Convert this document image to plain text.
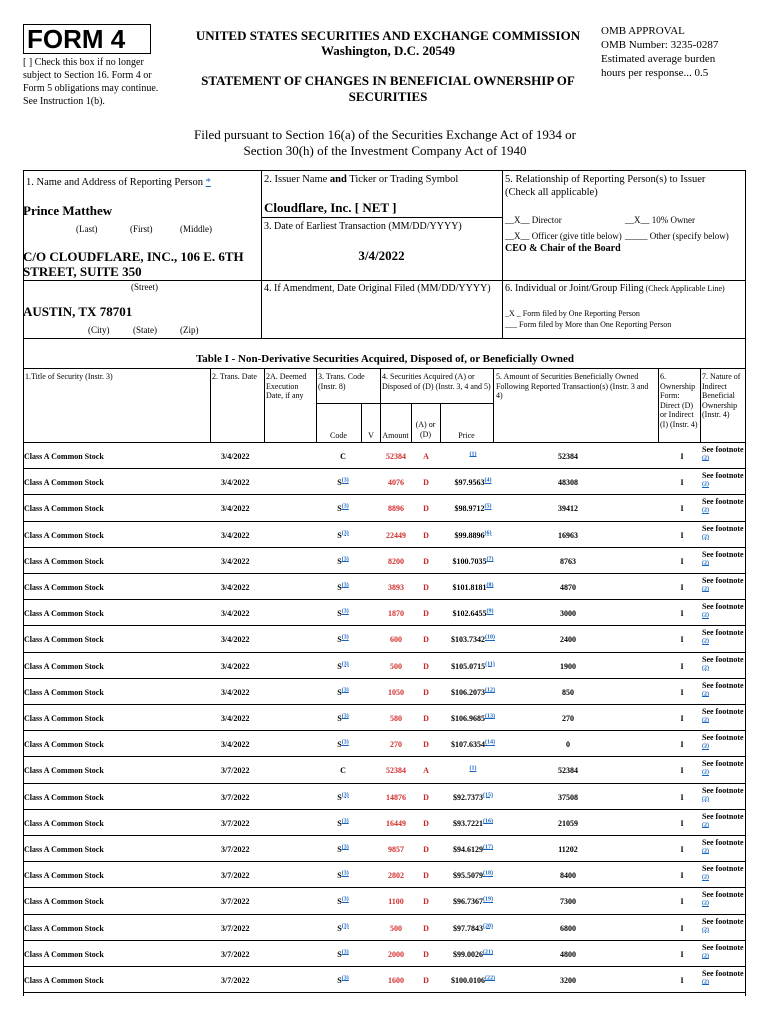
FORM 4
[ ] Check this box if no longer subject to Section 16. Form 4 or Form 5 obligations may continue. See Instruction 1(b).
UNITED STATES SECURITIES AND EXCHANGE COMMISSION
Washington, D.C. 20549
STATEMENT OF CHANGES IN BENEFICIAL OWNERSHIP OF
SECURITIES
OMB APPROVAL
OMB Number: 3235-0287
Estimated average burden
hours per response... 0.5
Filed pursuant to Section 16(a) of the Securities Exchange Act of 1934 or
Section 30(h) of the Investment Company Act of 1940
1. Name and Address of Reporting Person *
Prince Matthew
(Last)	(First)	(Middle)
C/O CLOUDFLARE, INC., 106 E. 6TH
STREET, SUITE 350
(Street)
AUSTIN, TX 78701
(City)	(State)	(Zip)
2. Issuer Name and Ticker or Trading Symbol
Cloudflare, Inc. [ NET ]
3. Date of Earliest Transaction (MM/DD/YYYY)
3/4/2022
4. If Amendment, Date Original Filed (MM/DD/YYYY)
5. Relationship of Reporting Person(s) to Issuer
(Check all applicable)
__X__ Director	__X__ 10% Owner
__X__ Officer (give title below) _____ Other (specify below)
CEO & Chair of the Board
6. Individual or Joint/Group Filing (Check Applicable Line)
_X _ Form filed by One Reporting Person
___ Form filed by More than One Reporting Person
Table I - Non-Derivative Securities Acquired, Disposed of, or Beneficially Owned
1.Title of Security (Instr. 3)	2. Trans. Date	2A. Deemed Execution Date, if any
3. Trans. Code (Instr. 8)
4. Securities Acquired (A) or Disposed of (D) (Instr. 3, 4 and 5)
5. Amount of Securities Beneficially Owned Following Reported Transaction(s) (Instr. 3 and 4)
6. Ownership Form: Direct (D) or Indirect (I) (Instr. 4)
7. Nature of Indirect Beneficial Ownership (Instr. 4)
Code	V	Amount
(A) or (D)	Price
Class A Common Stock	3/4/2022	C	52384	A	$^{(1)}$	52384	I
See footnote $^{(2)}$
Class A Common Stock	3/4/2022	$S^{(3)}$	4076	D	$97.9563$^{(4)}$	48308	I
See footnote $^{(2)}$
Class A Common Stock	3/4/2022	$S^{(3)}$	8896	D	$98.9712$^{(5)}$	39412	I
See footnote $^{(2)}$
Class A Common Stock	3/4/2022	$S^{(3)}$	22449	D	$99.8896$^{(6)}$	16963	I
See footnote $^{(2)}$
Class A Common Stock	3/4/2022	$S^{(3)}$	8200	D	$100.7035$^{(7)}$	8763	I
See footnote $^{(2)}$
Class A Common Stock	3/4/2022	$S^{(3)}$	3893	D	$101.8181$^{(8)}$	4870	I
See footnote $^{(2)}$
Class A Common Stock	3/4/2022	$S^{(3)}$	1870	D	$102.6455$^{(9)}$	3000	I
See footnote $^{(2)}$
Class A Common Stock	3/4/2022	$S^{(3)}$	600	D	$103.7342$^{(10)}$	2400	I
See footnote $^{(2)}$
Class A Common Stock	3/4/2022	$S^{(3)}$	500	D	$105.0715$^{(11)}$	1900	I
See footnote $^{(2)}$
Class A Common Stock	3/4/2022	$S^{(3)}$	1050	D	$106.2073$^{(12)}$	850	I
See footnote $^{(2)}$
Class A Common Stock	3/4/2022	$S^{(3)}$	580	D	$106.9685$^{(13)}$	270	I
See footnote $^{(2)}$
Class A Common Stock	3/4/2022	$S^{(3)}$	270	D	$107.6354$^{(14)}$	0	I
See footnote $^{(2)}$
Class A Common Stock	3/7/2022	C	52384	A	$^{(1)}$	52384	I
See footnote $^{(2)}$
Class A Common Stock	3/7/2022	$S^{(3)}$	14876	D	$92.7373$^{(15)}$	37508	I
See footnote $^{(2)}$
Class A Common Stock	3/7/2022	$S^{(3)}$	16449	D	$93.7221$^{(16)}$	21059	I
See footnote $^{(2)}$
Class A Common Stock	3/7/2022	$S^{(3)}$	9857	D	$94.6129$^{(17)}$	11202	I
See footnote $^{(2)}$
Class A Common Stock	3/7/2022	$S^{(3)}$	2802	D	$95.5079$^{(18)}$	8400	I
See footnote $^{(2)}$
Class A Common Stock	3/7/2022	$S^{(3)}$	1100	D	$96.7367$^{(19)}$	7300	I
See footnote $^{(2)}$
Class A Common Stock	3/7/2022	$S^{(3)}$	500	D	$97.7843$^{(20)}$	6800	I
See footnote $^{(2)}$
Class A Common Stock	3/7/2022	$S^{(3)}$	2000	D	$99.0026$^{(21)}$	4800	I
See footnote $^{(2)}$
Class A Common Stock	3/7/2022	$S^{(3)}$	1600	D	$100.0106$^{(22)}$	3200	I
See footnote $^{(2)}$
